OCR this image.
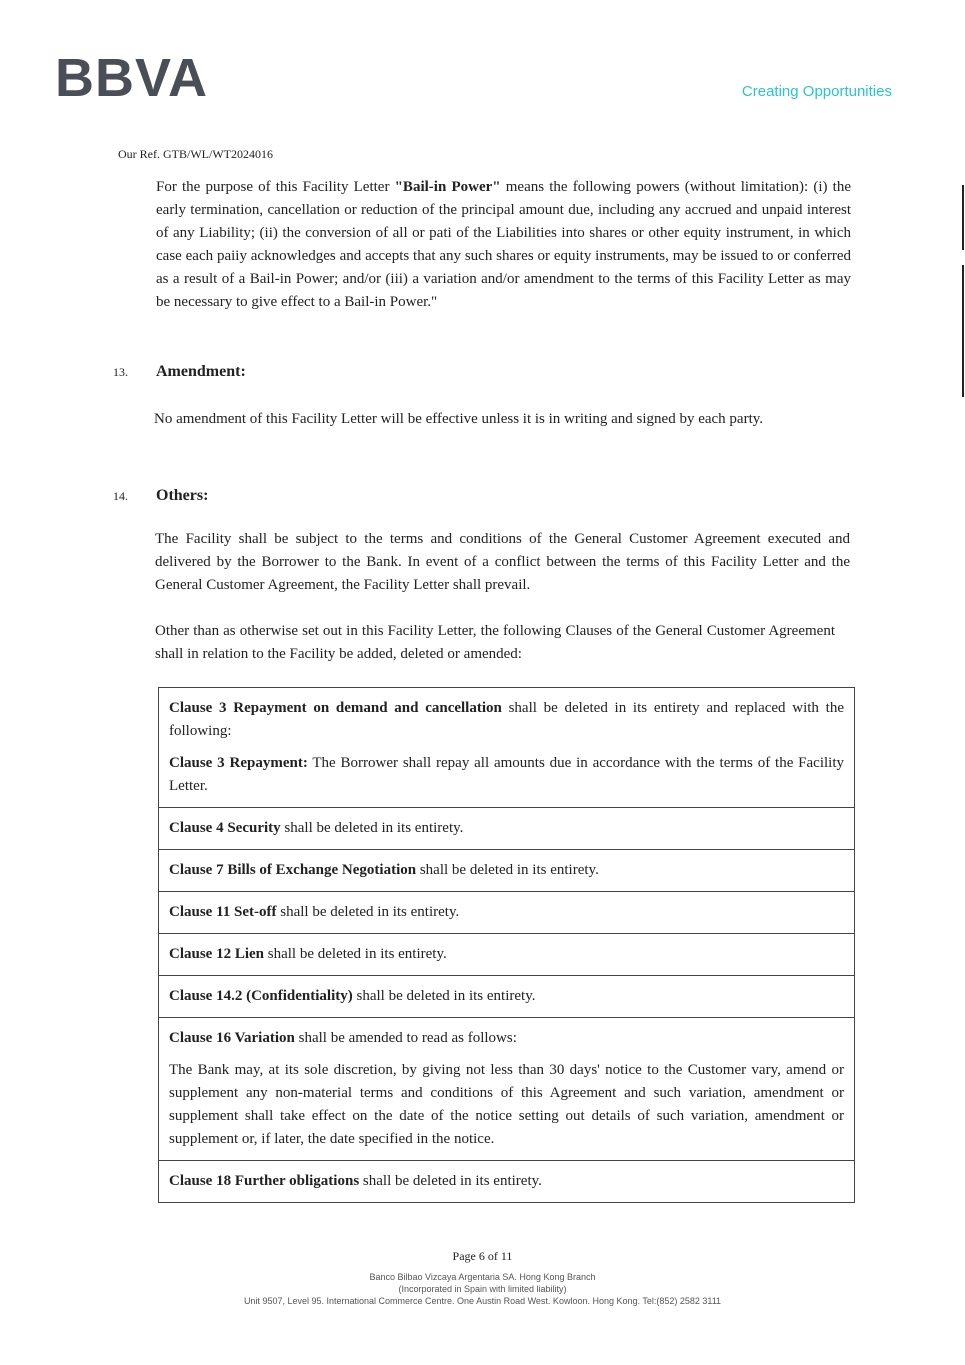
BBVA	Creating Opportunities
Our Ref. GTB/WL/WT2024016
For the purpose of this Facility Letter "Bail-in Power" means the following powers (without limitation): (i) the early termination, cancellation or reduction of the principal amount due, including any accrued and unpaid interest of any Liability; (ii) the conversion of all or pati of the Liabilities into shares or other equity instrument, in which case each paiiy acknowledges and accepts that any such shares or equity instruments, may be issued to or conferred as a result of a Bail-in Power; and/or (iii) a variation and/or amendment to the terms of this Facility Letter as may be necessary to give effect to a Bail-in Power."
13. Amendment:
No amendment of this Facility Letter will be effective unless it is in writing and signed by each party.
14. Others:
The Facility shall be subject to the terms and conditions of the General Customer Agreement executed and delivered by the Borrower to the Bank. In event of a conflict between the terms of this Facility Letter and the General Customer Agreement, the Facility Letter shall prevail.
Other than as otherwise set out in this Facility Letter, the following Clauses of the General Customer Agreement shall in relation to the Facility be added, deleted or amended:

Clause 3 Repayment on demand and cancellation shall be deleted in its entirety and replaced with the following:

Clause 3 Repayment: The Borrower shall repay all amounts due in accordance with the terms of the Facility Letter.

Clause 4 Security shall be deleted in its entirety.
Clause 7 Bills of Exchange Negotiation shall be deleted in its entirety.
Clause 11 Set-off shall be deleted in its entirety.
Clause 12 Lien shall be deleted in its entirety.
Clause 14.2 (Confidentiality) shall be deleted in its entirety.

Clause 16 Variation shall be amended to read as follows:

The Bank may, at its sole discretion, by giving not less than 30 days' notice to the Customer vary, amend or supplement any non-material terms and conditions of this Agreement and such variation, amendment or supplement shall take effect on the date of the notice setting out details of such variation, amendment or supplement or, if later, the date specified in the notice.

Clause 18 Further obligations shall be deleted in its entirety.
Page 6 of 11
Banco Bilbao Vizcaya Argentaria SA. Hong Kong Branch
(Incorporated in Spain with limited liability)
Unit 9507, Level 95. International Commerce Centre. One Austin Road West. Kowloon. Hong Kong. Tel:(852) 2582 3111
